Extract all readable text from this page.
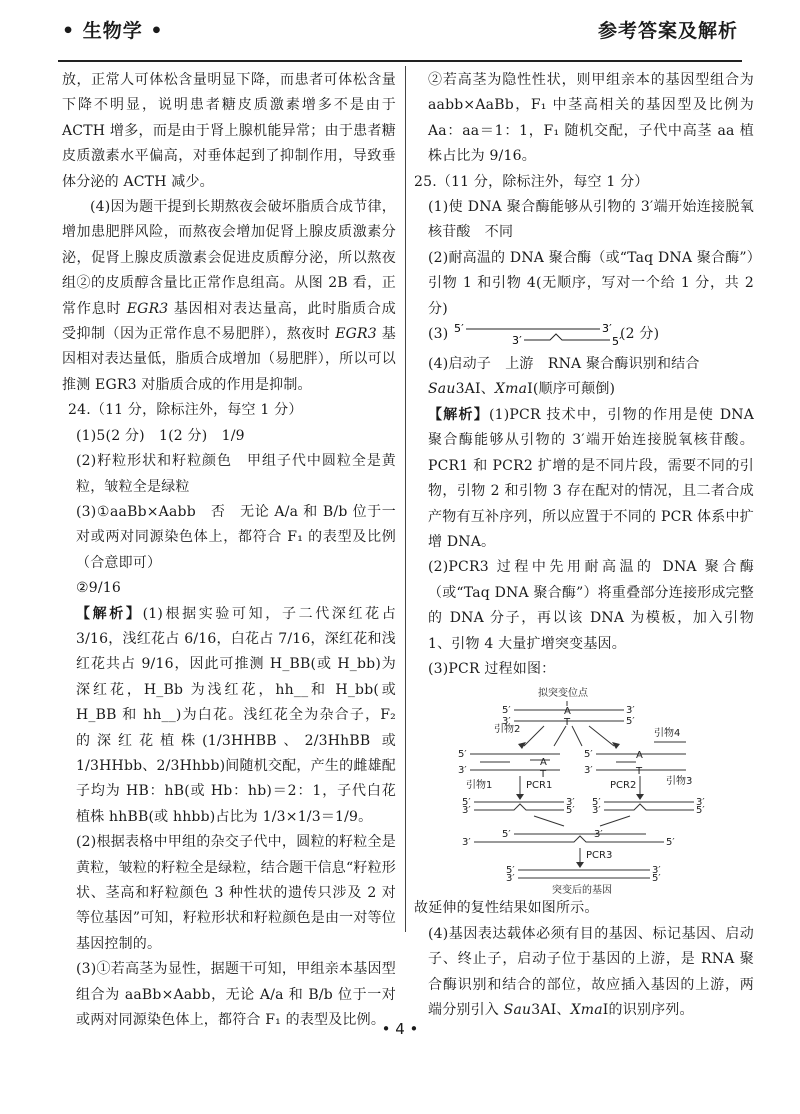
• 生物学 •	参考答案及解析

放，正常人可体松含量明显下降，而患者可体松含量下降不明显，说明患者糖皮质激素增多不是由于 ACTH 增多，而是由于肾上腺机能异常；由于患者糖皮质激素水平偏高，对垂体起到了抑制作用，导致垂体分泌的 ACTH 减少。

(4)因为题干提到长期熬夜会破坏脂质合成节律，增加患肥胖风险，而熬夜会增加促肾上腺皮质激素分泌，促肾上腺皮质激素会促进皮质醇分泌，所以熬夜组②的皮质醇含量比正常作息组高。从图 2B 看，正常作息时 EGR3 基因相对表达量高，此时脂质合成受抑制（因为正常作息不易肥胖），熬夜时 EGR3 基因相对表达量低，脂质合成增加（易肥胖），所以可以推测 EGR3 对脂质合成的作用是抑制。

24.（11 分，除标注外，每空 1 分）

(1)5(2 分)　1(2 分)　1/9

(2)籽粒形状和籽粒颜色　甲组子代中圆粒全是黄粒，皱粒全是绿粒

(3)①aaBb×Aabb　否　无论 A/a 和 B/b 位于一对或两对同源染色体上，都符合 F₁ 的表型及比例（合意即可）

②9/16

【解析】(1)根据实验可知，子二代深红花占 3/16，浅红花占 6/16，白花占 7/16，深红花和浅红花共占 9/16，因此可推测 H_BB(或 H_bb)为深红花，H_Bb 为浅红花，hh__和 H_bb(或 H_BB 和 hh__)为白花。浅红花全为杂合子，F₂ 的深红花植株(1/3HHBB、2/3HhBB 或 1/3HHbb、2/3Hhbb)间随机交配，产生的雌雄配子均为 HB：hB(或 Hb：hb)＝2：1，子代白花植株 hhBB(或 hhbb)占比为 1/3×1/3＝1/9。

(2)根据表格中甲组的杂交子代中，圆粒的籽粒全是黄粒，皱粒的籽粒全是绿粒，结合题干信息“籽粒形状、茎高和籽粒颜色 3 种性状的遗传只涉及 2 对等位基因”可知，籽粒形状和籽粒颜色是由一对等位基因控制的。

(3)①若高茎为显性，据题干可知，甲组亲本基因型组合为 aaBb×Aabb，无论 A/a 和 B/b 位于一对或两对同源染色体上，都符合 F₁ 的表型及比例。

②若高茎为隐性性状，则甲组亲本的基因型组合为 aabb×AaBb，F₁ 中茎高相关的基因型及比例为 Aa：aa＝1：1，F₁ 随机交配，子代中高茎 aa 植株占比为 9/16。

25.（11 分，除标注外，每空 1 分）

(1)使 DNA 聚合酶能够从引物的 3′端开始连接脱氧核苷酸　不同

(2)耐高温的 DNA 聚合酶（或“Taq DNA 聚合酶”）　引物 1 和引物 4(无顺序，写对一个给 1 分，共 2 分)

(3) 5′	3′
3′	5′
(2 分)

(4)启动子　上游　RNA 聚合酶识别和结合

Sau3AⅠ、XmaⅠ(顺序可颠倒)

【解析】(1)PCR 技术中，引物的作用是使 DNA 聚合酶能够从引物的 3′端开始连接脱氧核苷酸。PCR1 和 PCR2 扩增的是不同片段，需要不同的引物，引物 2 和引物 3 存在配对的情况，且二者合成产物有互补序列，所以应置于不同的 PCR 体系中扩增 DNA。

(2)PCR3 过程中先用耐高温的 DNA 聚合酶（或“Taq DNA 聚合酶”）将重叠部分连接形成完整的 DNA 分子，再以该 DNA 为模板，加入引物 1、引物 4 大量扩增突变基因。

(3)PCR 过程如图：

拟突变位点
5′
3′
3′
5′
A
T
引物2	引物4
5′
3′
5′
3′
A
T
A
T
引物1	引物3
PCR1	PCR2
5′
3′
3′
5′
5′
3′
3′
5′
5′	3′
3′	5′
PCR3
5′
3′
3′
5′
突变后的基因

故延伸的复性结果如图所示。

(4)基因表达载体必须有目的基因、标记基因、启动子、终止子，启动子位于基因的上游，是 RNA 聚合酶识别和结合的部位，故应插入基因的上游，两端分别引入 Sau3AⅠ、XmaⅠ的识别序列。

• 4 •
